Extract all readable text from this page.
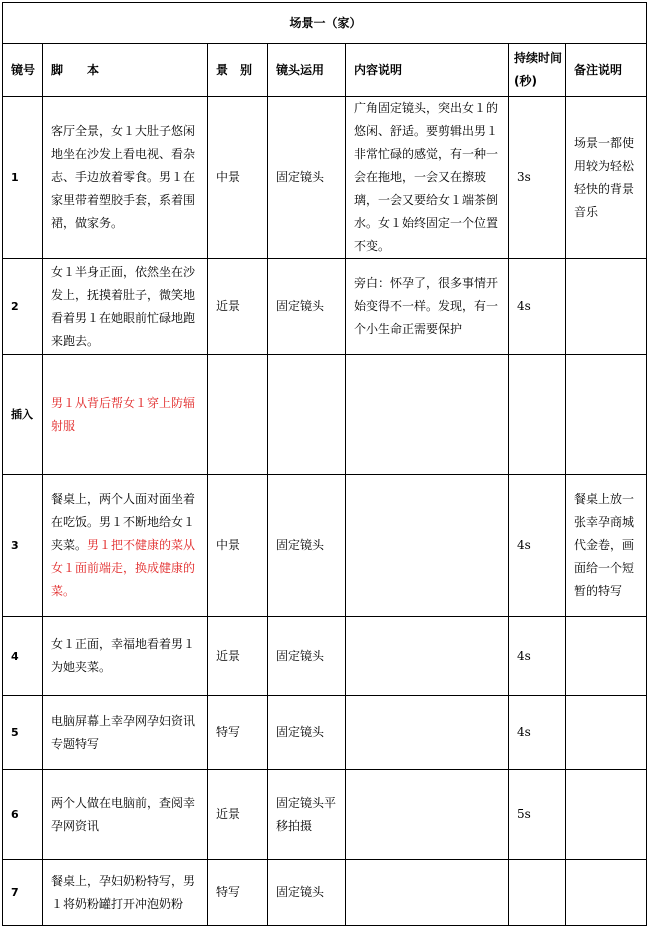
场景一（家）						
镜号	脚　　本	景　别	镜头运用	内容说明	持续时间(秒)	备注说明
1	客厅全景，女１大肚子悠闲地坐在沙发上看电视、看杂志、手边放着零食。男１在家里带着塑胶手套，系着围裙，做家务。	中景	固定镜头	广角固定镜头，突出女１的悠闲、舒适。要剪辑出男１非常忙碌的感觉，有一种一会在拖地，一会又在擦玻璃，一会又要给女１端茶倒水。女１始终固定一个位置不变。	3s	场景一都使用较为轻松轻快的背景音乐
2	女１半身正面，依然坐在沙发上，抚摸着肚子，微笑地看着男１在她眼前忙碌地跑来跑去。	近景	固定镜头	旁白：怀孕了，很多事情开始变得不一样。发现，有一个小生命正需要保护	4s	
插入	男１从背后帮女１穿上防辐射服					
3	餐桌上，两个人面对面坐着在吃饭。男１不断地给女１夹菜。男１把不健康的菜从女１面前端走，换成健康的菜。	中景	固定镜头		4s	餐桌上放一张幸孕商城代金卷，画面给一个短暂的特写
4	女１正面，幸福地看着男１为她夹菜。	近景	固定镜头		4s	
5	电脑屏幕上幸孕网孕妇资讯专题特写	特写	固定镜头		4s	
6	两个人做在电脑前，查阅幸孕网资讯	近景	固定镜头平移拍摄		5s	
7	餐桌上，孕妇奶粉特写，男１将奶粉罐打开冲泡奶粉	特写	固定镜头			
